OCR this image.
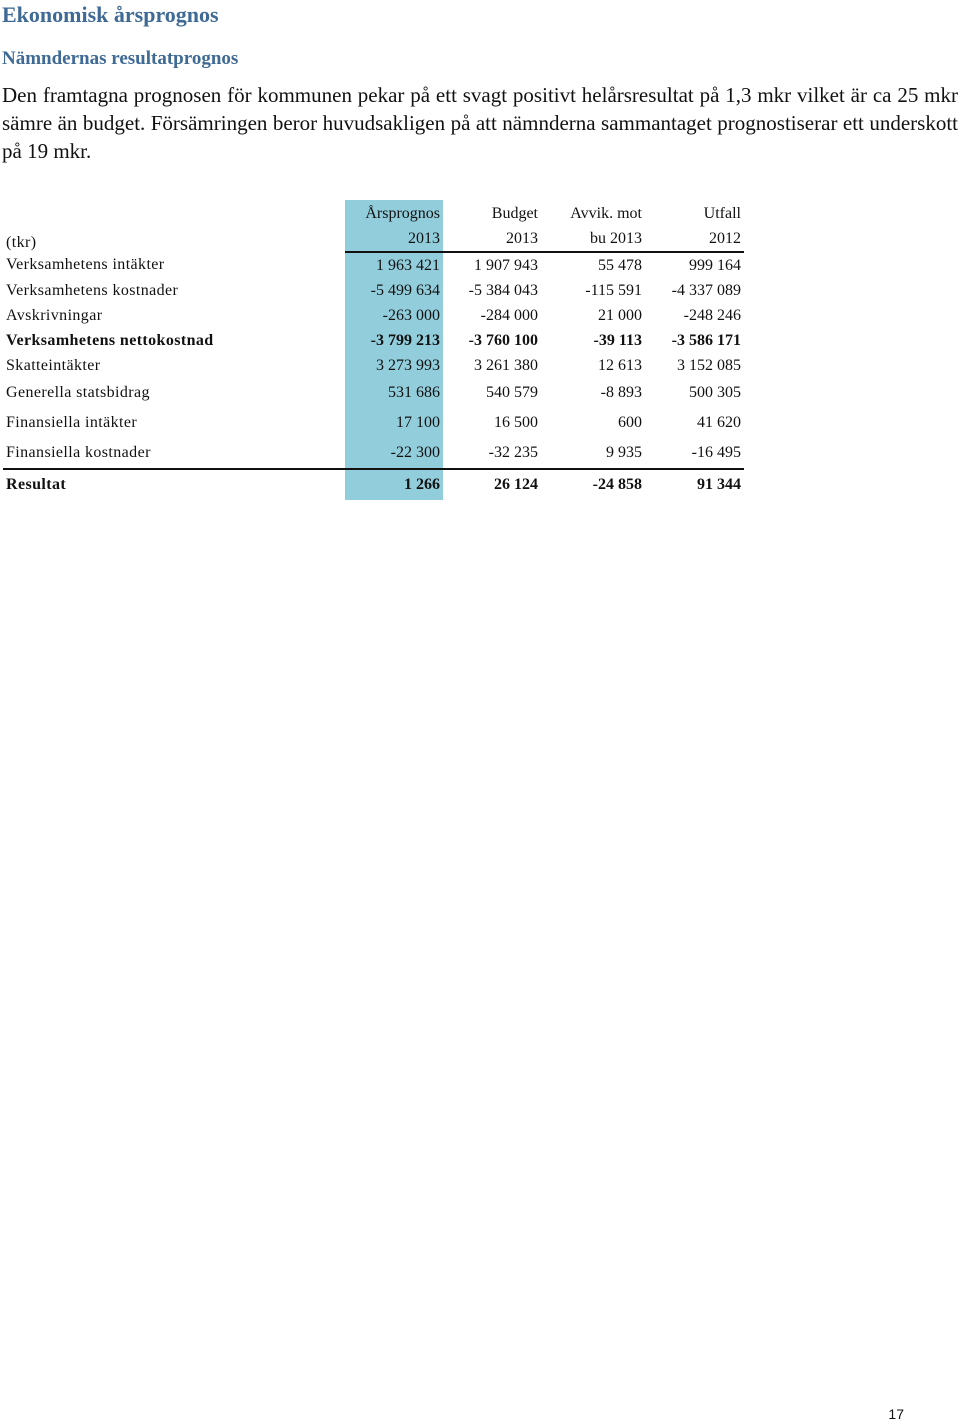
Ekonomisk årsprognos
Nämndernas resultatprognos

Den framtagna prognosen för kommunen pekar på ett svagt positivt helårsresultat på 1,3 mkr vilket är ca 25 mkr sämre än budget. Försämringen beror huvudsakligen på att nämnderna sammantaget prognostiserar ett underskott på 19 mkr.

(tkr)	Årsprognos	Budget	Avvik. mot	Utfall
	2013	2013	bu 2013	2012
Verksamhetens intäkter	1 963 421	1 907 943	55 478	999 164
Verksamhetens kostnader	-5 499 634	-5 384 043	-115 591	-4 337 089
Avskrivningar	-263 000	-284 000	21 000	-248 246
Verksamhetens nettokostnad	-3 799 213	-3 760 100	-39 113	-3 586 171
Skatteintäkter	3 273 993	3 261 380	12 613	3 152 085
Generella statsbidrag	531 686	540 579	-8 893	500 305
Finansiella intäkter	17 100	16 500	600	41 620
Finansiella kostnader	-22 300	-32 235	9 935	-16 495
Resultat	1 266	26 124	-24 858	91 344
17
